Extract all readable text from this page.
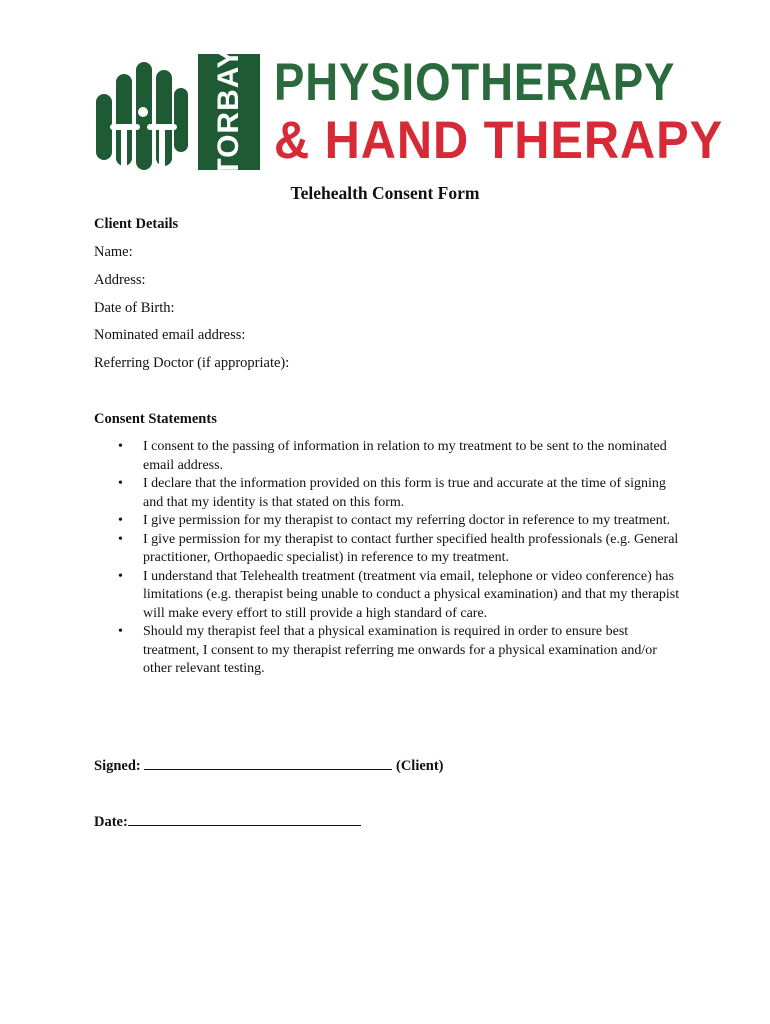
TORBAY PHYSIOTHERAPY
& HAND THERAPY
Telehealth Consent Form
Client Details
Name:
Address:
Date of Birth:
Nominated email address:
Referring Doctor (if appropriate):
Consent Statements
• I consent to the passing of information in relation to my treatment to be sent to the nominated email address.
• I declare that the information provided on this form is true and accurate at the time of signing and that my identity is that stated on this form.
• I give permission for my therapist to contact my referring doctor in reference to my treatment.
• I give permission for my therapist to contact further specified health professionals (e.g. General practitioner, Orthopaedic specialist) in reference to my treatment.
• I understand that Telehealth treatment (treatment via email, telephone or video conference) has limitations (e.g. therapist being unable to conduct a physical examination) and that my therapist will make every effort to still provide a high standard of care.
• Should my therapist feel that a physical examination is required in order to ensure best treatment, I consent to my therapist referring me onwards for a physical examination and/or other relevant testing.
Signed:	(Client)
Date:
